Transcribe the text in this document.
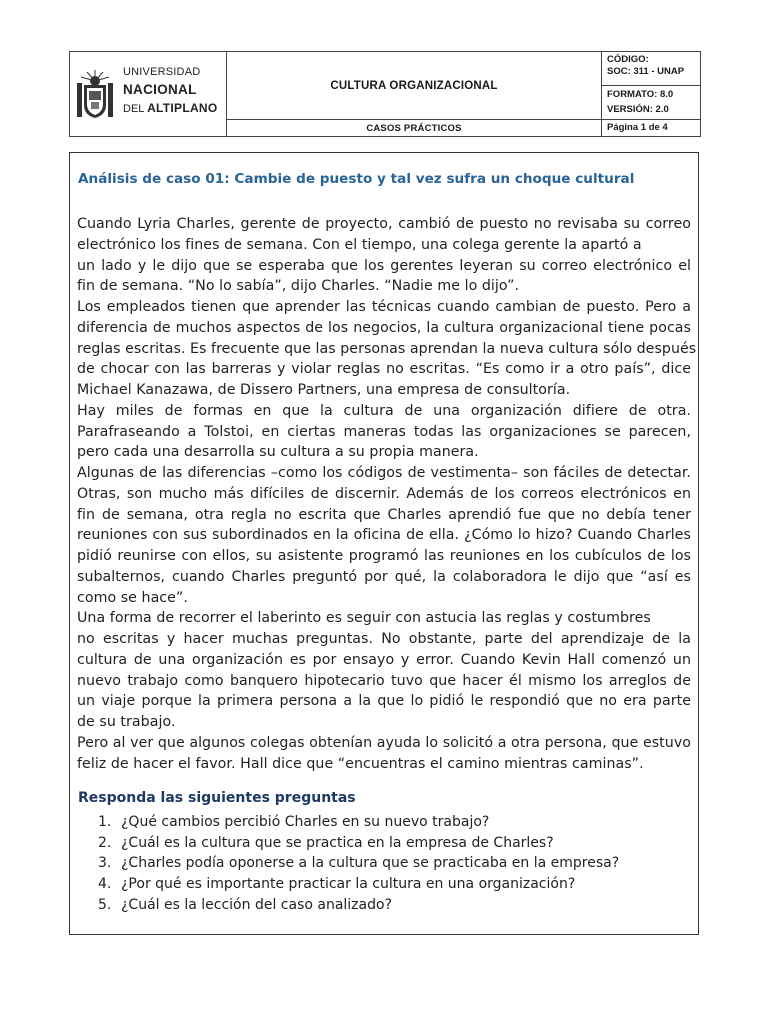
UNIVERSIDAD
NACIONAL
DEL ALTIPLANO
CULTURA ORGANIZACIONAL
CASOS PRÁCTICOS
CÓDIGO:
SOC: 311 - UNAP
FORMATO: 8.0
VERSIÓN: 2.0
Página 1 de 4
Análisis de caso 01: Cambie de puesto y tal vez sufra un choque cultural
Cuando Lyria Charles, gerente de proyecto, cambió de puesto no revisaba su correo
electrónico los fines de semana. Con el tiempo, una colega gerente la apartó a
un lado y le dijo que se esperaba que los gerentes leyeran su correo electrónico el
fin de semana. “No lo sabía”, dijo Charles. “Nadie me lo dijo”.
Los empleados tienen que aprender las técnicas cuando cambian de puesto. Pero a
diferencia de muchos aspectos de los negocios, la cultura organizacional tiene pocas
reglas escritas. Es frecuente que las personas aprendan la nueva cultura sólo después
de chocar con las barreras y violar reglas no escritas. “Es como ir a otro país”, dice
Michael Kanazawa, de Dissero Partners, una empresa de consultoría.
Hay miles de formas en que la cultura de una organización difiere de otra.
Parafraseando a Tolstoi, en ciertas maneras todas las organizaciones se parecen,
pero cada una desarrolla su cultura a su propia manera.
Algunas de las diferencias –como los códigos de vestimenta– son fáciles de detectar.
Otras, son mucho más difíciles de discernir. Además de los correos electrónicos en
fin de semana, otra regla no escrita que Charles aprendió fue que no debía tener
reuniones con sus subordinados en la oficina de ella. ¿Cómo lo hizo? Cuando Charles
pidió reunirse con ellos, su asistente programó las reuniones en los cubículos de los
subalternos, cuando Charles preguntó por qué, la colaboradora le dijo que “así es
como se hace”.
Una forma de recorrer el laberinto es seguir con astucia las reglas y costumbres
no escritas y hacer muchas preguntas. No obstante, parte del aprendizaje de la
cultura de una organización es por ensayo y error. Cuando Kevin Hall comenzó un
nuevo trabajo como banquero hipotecario tuvo que hacer él mismo los arreglos de
un viaje porque la primera persona a la que lo pidió le respondió que no era parte
de su trabajo.
Pero al ver que algunos colegas obtenían ayuda lo solicitó a otra persona, que estuvo
feliz de hacer el favor. Hall dice que “encuentras el camino mientras caminas”.
Responda las siguientes preguntas
1. ¿Qué cambios percibió Charles en su nuevo trabajo?
2. ¿Cuál es la cultura que se practica en la empresa de Charles?
3. ¿Charles podía oponerse a la cultura que se practicaba en la empresa?
4. ¿Por qué es importante practicar la cultura en una organización?
5. ¿Cuál es la lección del caso analizado?
